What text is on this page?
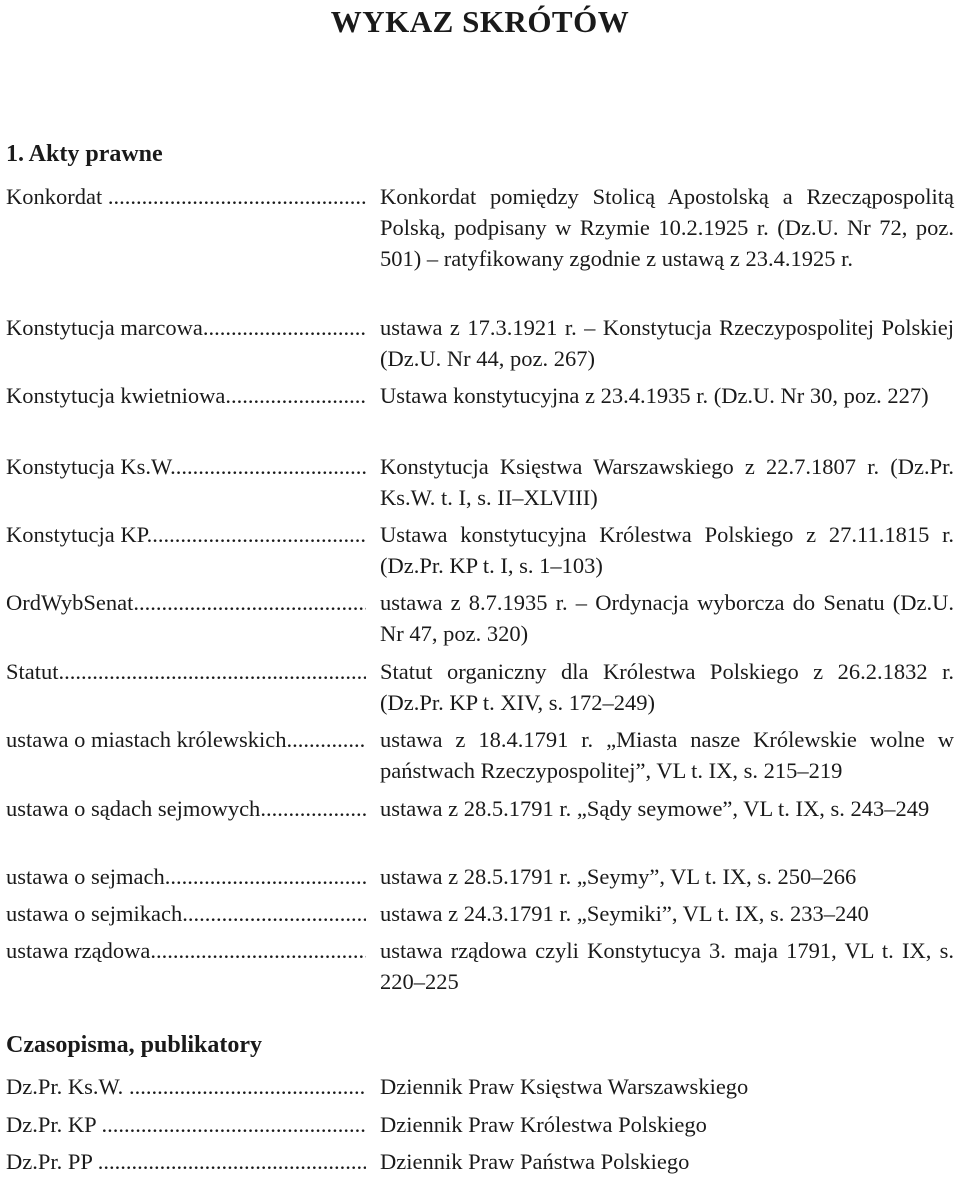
WYKAZ SKRÓTÓW
1. Akty prawne
Konkordat .....	Konkordat pomiędzy Stolicą Apostolską a Rzecząpospolitą Polską, podpisany w Rzymie 10.2.1925 r. (Dz.U. Nr 72, poz. 501) – ratyfikowany zgodnie z ustawą z 23.4.1925 r.
Konstytucja marcowa .....	ustawa z 17.3.1921 r. – Konstytucja Rzeczypospolitej Polskiej (Dz.U. Nr 44, poz. 267)
Konstytucja kwietniowa .....	Ustawa konstytucyjna z 23.4.1935 r. (Dz.U. Nr 30, poz. 227)
Konstytucja Ks.W. .....	Konstytucja Księstwa Warszawskiego z 22.7.1807 r. (Dz.Pr. Ks.W. t. I, s. II–XLVIII)
Konstytucja KP .....	Ustawa konstytucyjna Królestwa Polskiego z 27.11.1815 r. (Dz.Pr. KP t. I, s. 1–103)
OrdWybSenat .....	ustawa z 8.7.1935 r. – Ordynacja wyborcza do Senatu (Dz.U. Nr 47, poz. 320)
Statut .....	Statut organiczny dla Królestwa Polskiego z 26.2.1832 r. (Dz.Pr. KP t. XIV, s. 172–249)
ustawa o miastach królewskich .....	ustawa z 18.4.1791 r. „Miasta nasze Królewskie wolne w państwach Rzeczypospolitej”, VL t. IX, s. 215–219
ustawa o sądach sejmowych .....	ustawa z 28.5.1791 r. „Sądy seymowe”, VL t. IX, s. 243–249
ustawa o sejmach .....	ustawa z 28.5.1791 r. „Seymy”, VL t. IX, s. 250–266
ustawa o sejmikach .....	ustawa z 24.3.1791 r. „Seymiki”, VL t. IX, s. 233–240
ustawa rządowa .....	ustawa rządowa czyli Konstytucya 3. maja 1791, VL t. IX, s. 220–225
Czasopisma, publikatory
Dz.Pr. Ks.W. .....	Dziennik Praw Księstwa Warszawskiego
Dz.Pr. KP .....	Dziennik Praw Królestwa Polskiego
Dz.Pr. PP .....	Dziennik Praw Państwa Polskiego
